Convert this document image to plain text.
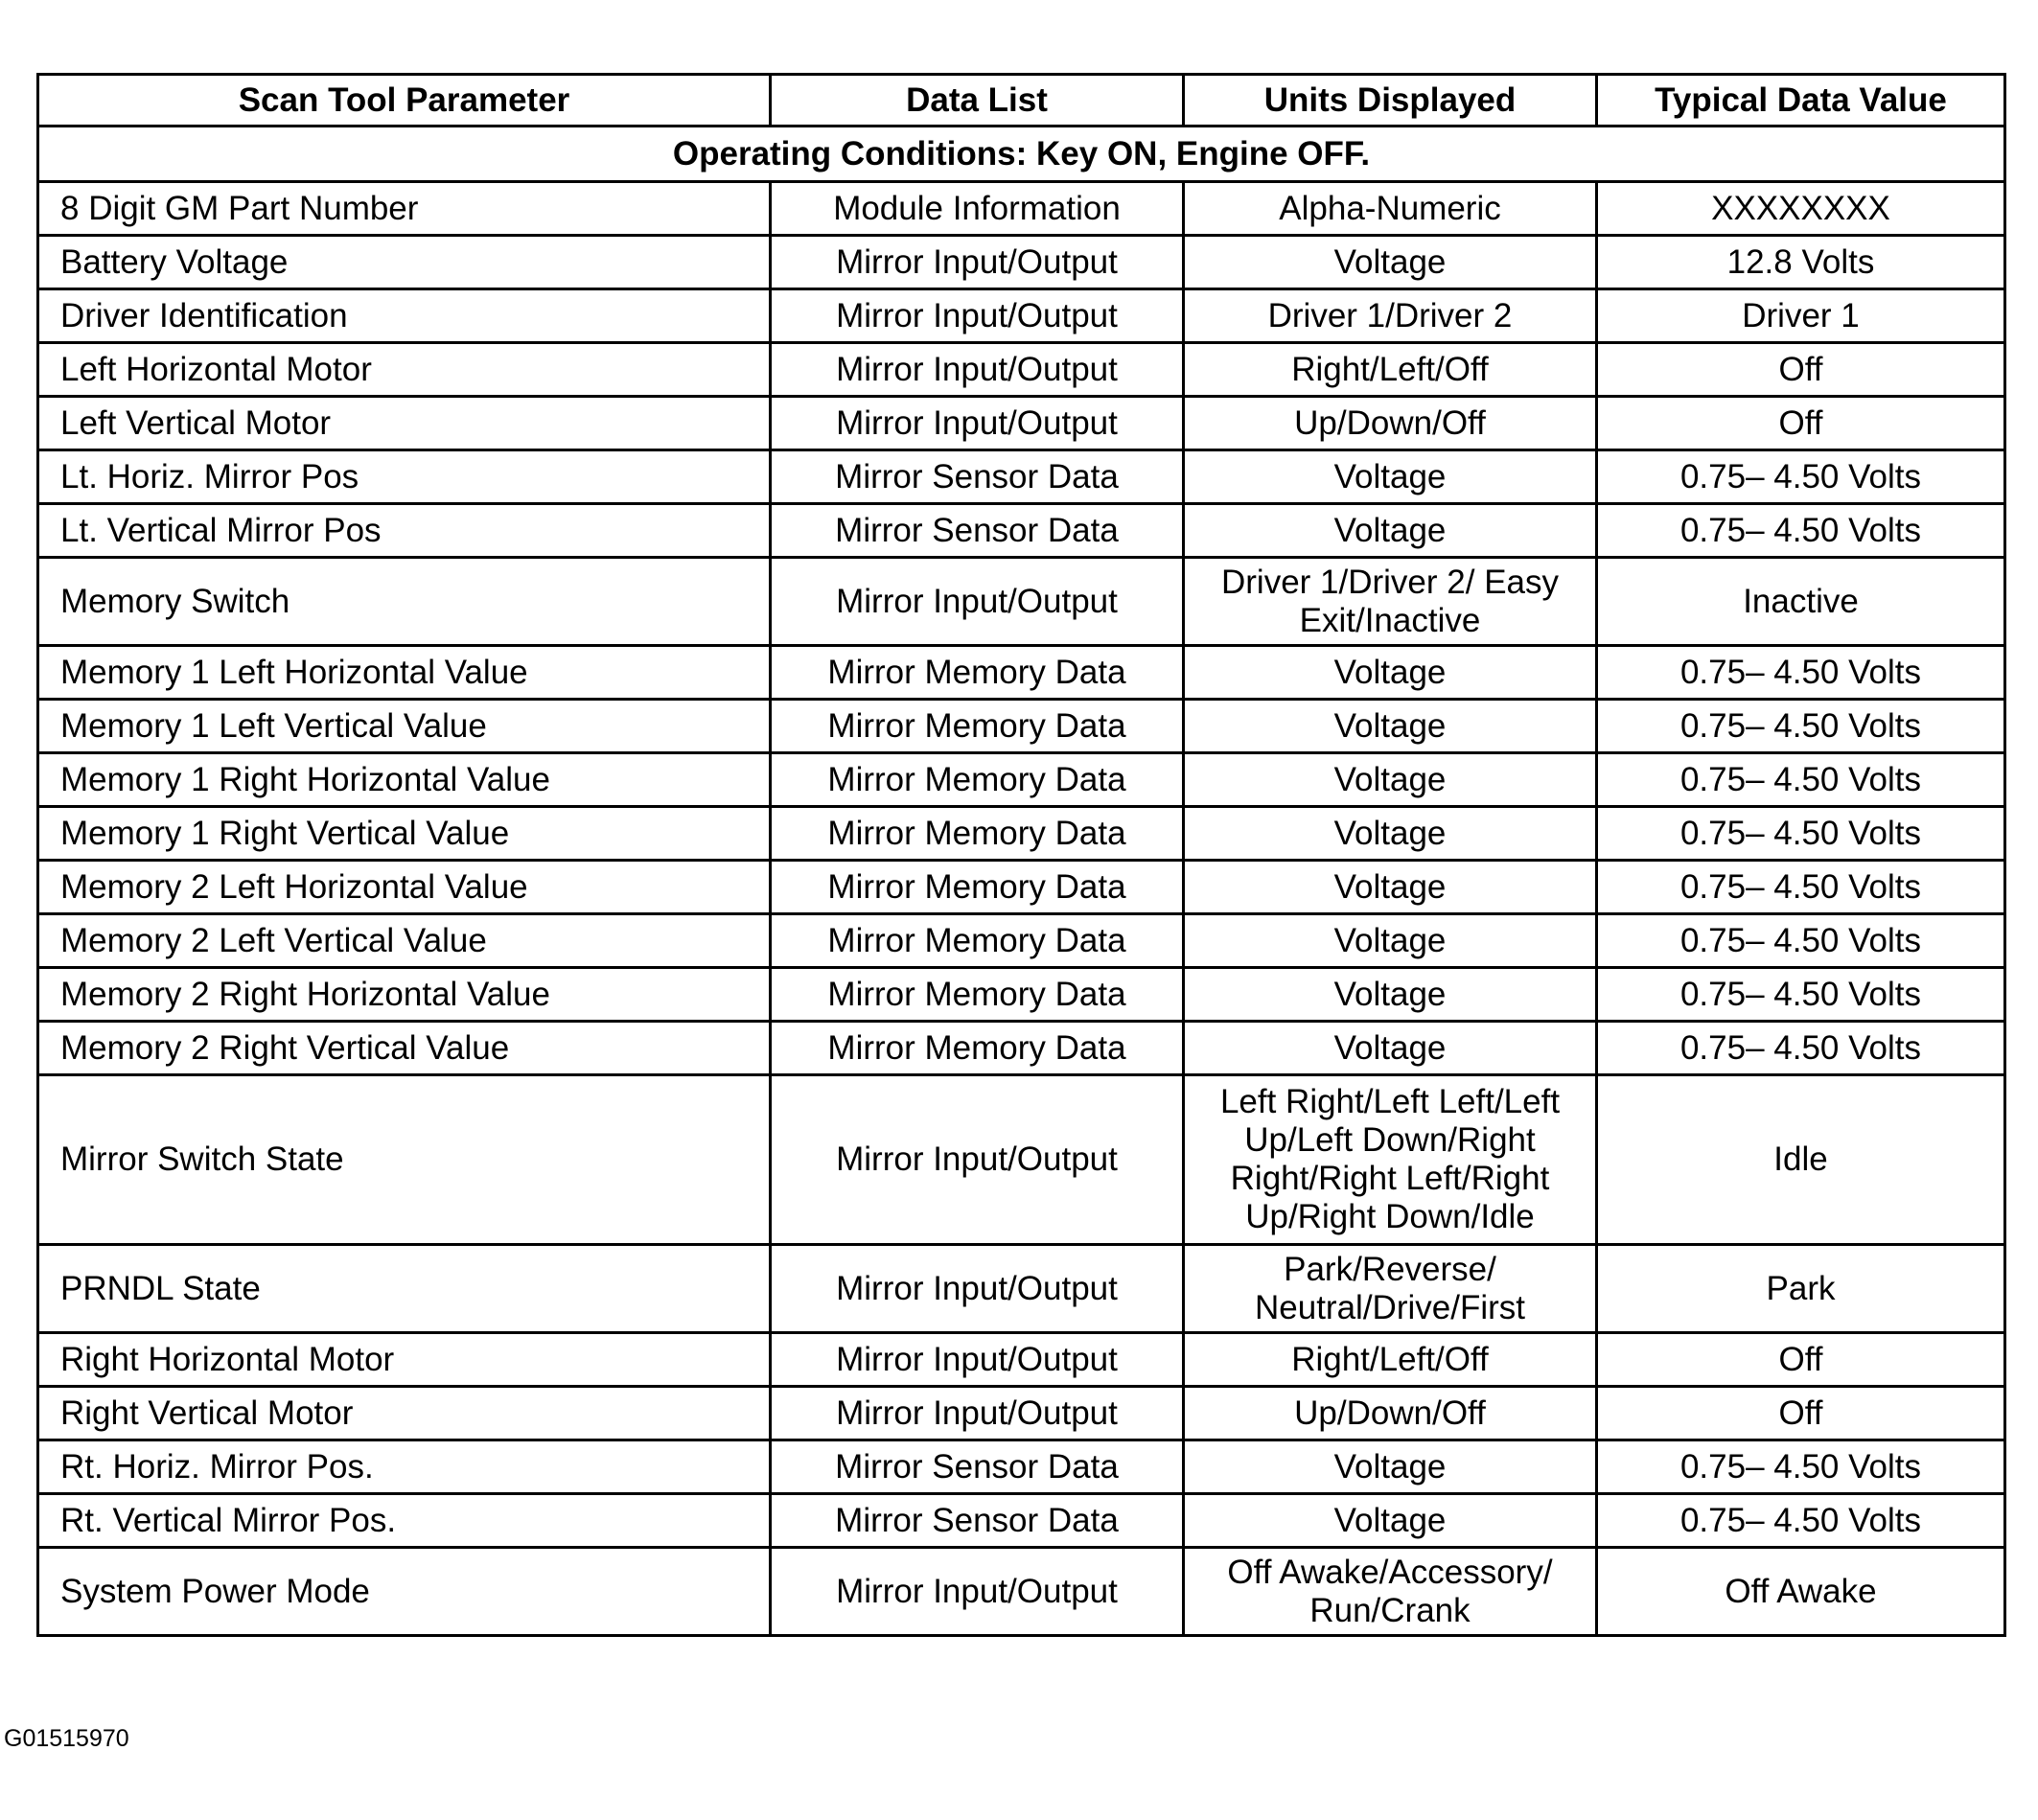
Scan Tool Parameter	Data List	Units Displayed	Typical Data Value
Operating Conditions: Key ON, Engine OFF.			
8 Digit GM Part Number	Module Information	Alpha-Numeric	XXXXXXXX
Battery Voltage	Mirror Input/Output	Voltage	12.8 Volts
Driver Identification	Mirror Input/Output	Driver 1/Driver 2	Driver 1
Left Horizontal Motor	Mirror Input/Output	Right/Left/Off	Off
Left Vertical Motor	Mirror Input/Output	Up/Down/Off	Off
Lt. Horiz. Mirror Pos	Mirror Sensor Data	Voltage	0.75– 4.50 Volts
Lt. Vertical Mirror Pos	Mirror Sensor Data	Voltage	0.75– 4.50 Volts
Memory Switch	Mirror Input/Output	Driver 1/Driver 2/ Easy Exit/Inactive	Inactive
Memory 1 Left Horizontal Value	Mirror Memory Data	Voltage	0.75– 4.50 Volts
Memory 1 Left Vertical Value	Mirror Memory Data	Voltage	0.75– 4.50 Volts
Memory 1 Right Horizontal Value	Mirror Memory Data	Voltage	0.75– 4.50 Volts
Memory 1 Right Vertical Value	Mirror Memory Data	Voltage	0.75– 4.50 Volts
Memory 2 Left Horizontal Value	Mirror Memory Data	Voltage	0.75– 4.50 Volts
Memory 2 Left Vertical Value	Mirror Memory Data	Voltage	0.75– 4.50 Volts
Memory 2 Right Horizontal Value	Mirror Memory Data	Voltage	0.75– 4.50 Volts
Memory 2 Right Vertical Value	Mirror Memory Data	Voltage	0.75– 4.50 Volts
Mirror Switch State	Mirror Input/Output	Left Right/Left Left/Left Up/Left Down/Right Right/Right Left/Right Up/Right Down/Idle	Idle
PRNDL State	Mirror Input/Output	Park/Reverse/ Neutral/Drive/First	Park
Right Horizontal Motor	Mirror Input/Output	Right/Left/Off	Off
Right Vertical Motor	Mirror Input/Output	Up/Down/Off	Off
Rt. Horiz. Mirror Pos.	Mirror Sensor Data	Voltage	0.75– 4.50 Volts
Rt. Vertical Mirror Pos.	Mirror Sensor Data	Voltage	0.75– 4.50 Volts
System Power Mode	Mirror Input/Output	Off Awake/Accessory/ Run/Crank	Off Awake
G01515970
